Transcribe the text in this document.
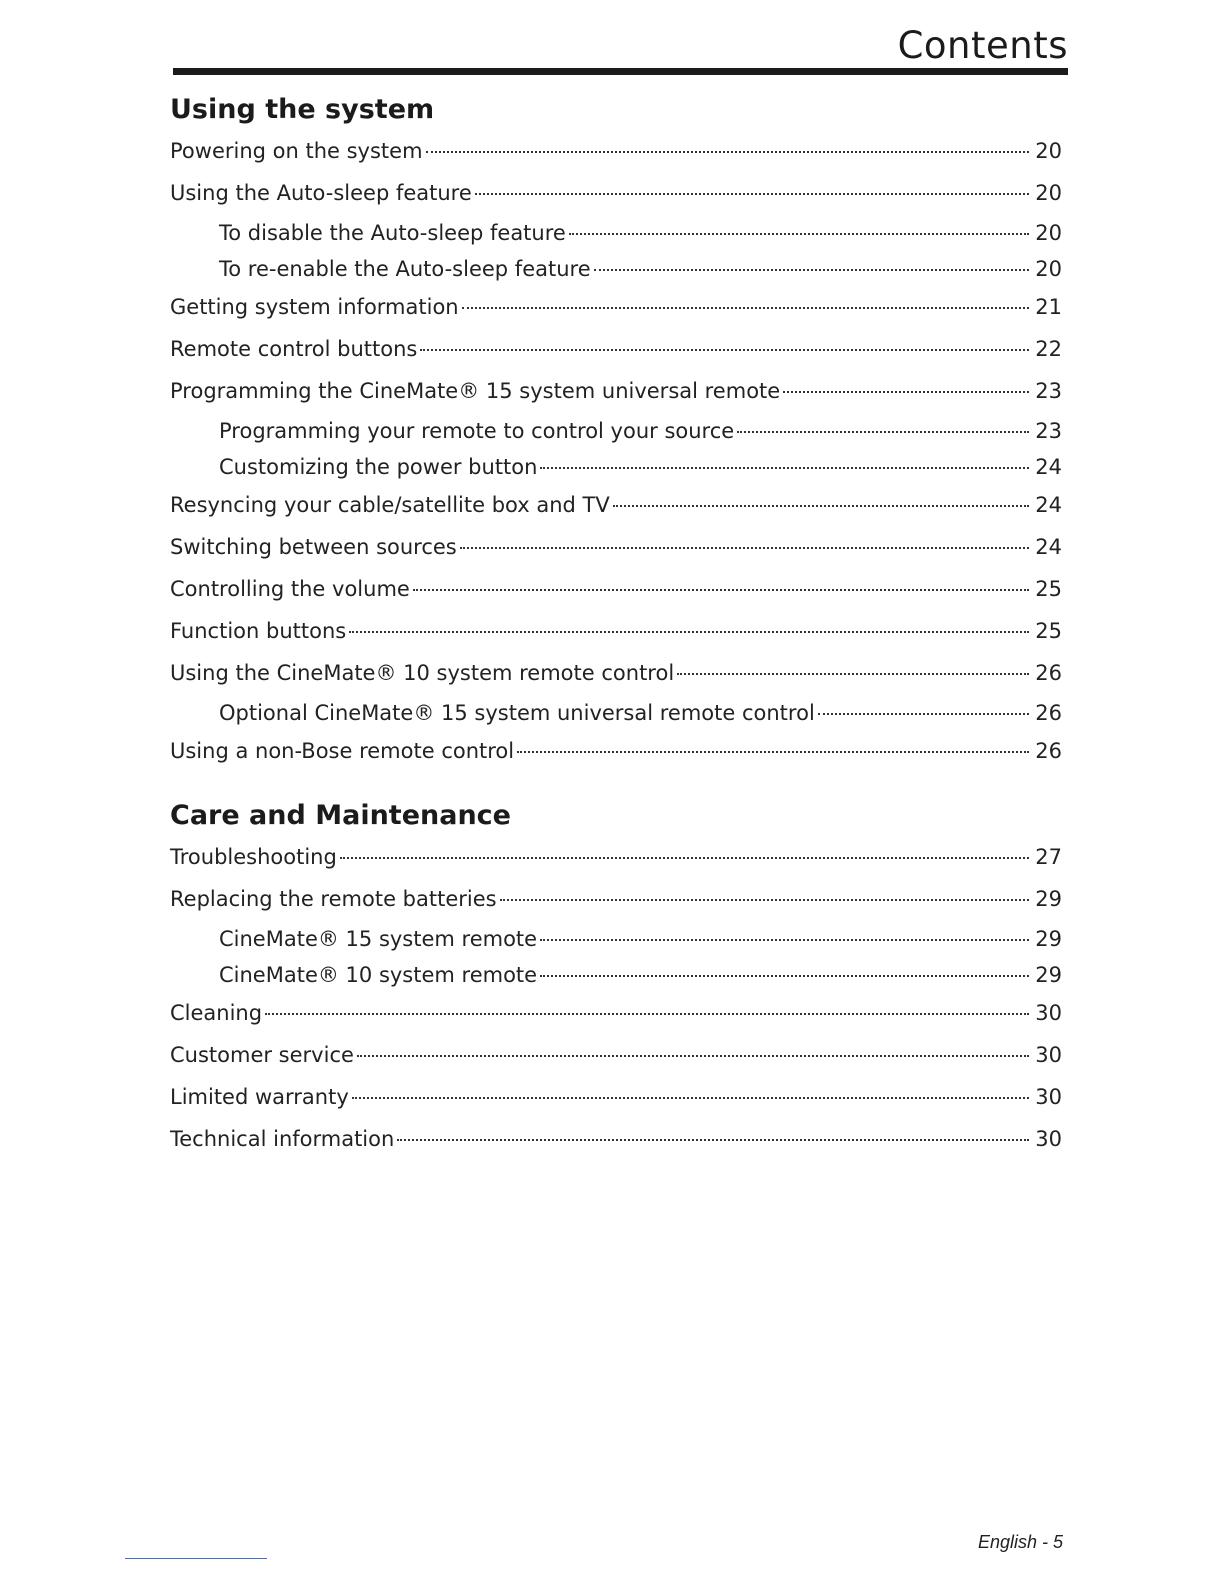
Contents
Using the system
Powering on the system	20
Using the Auto-sleep feature	20
To disable the Auto-sleep feature	20
To re-enable the Auto-sleep feature	20
Getting system information	21
Remote control buttons	22
Programming the CineMate® 15 system universal remote	23
Programming your remote to control your source	23
Customizing the power button	24
Resyncing your cable/satellite box and TV	24
Switching between sources	24
Controlling the volume	25
Function buttons	25
Using the CineMate® 10 system remote control	26
Optional CineMate® 15 system universal remote control	26
Using a non-Bose remote control	26
Care and Maintenance
Troubleshooting	27
Replacing the remote batteries	29
CineMate® 15 system remote	29
CineMate® 10 system remote	29
Cleaning	30
Customer service	30
Limited warranty	30
Technical information	30
English - 5
